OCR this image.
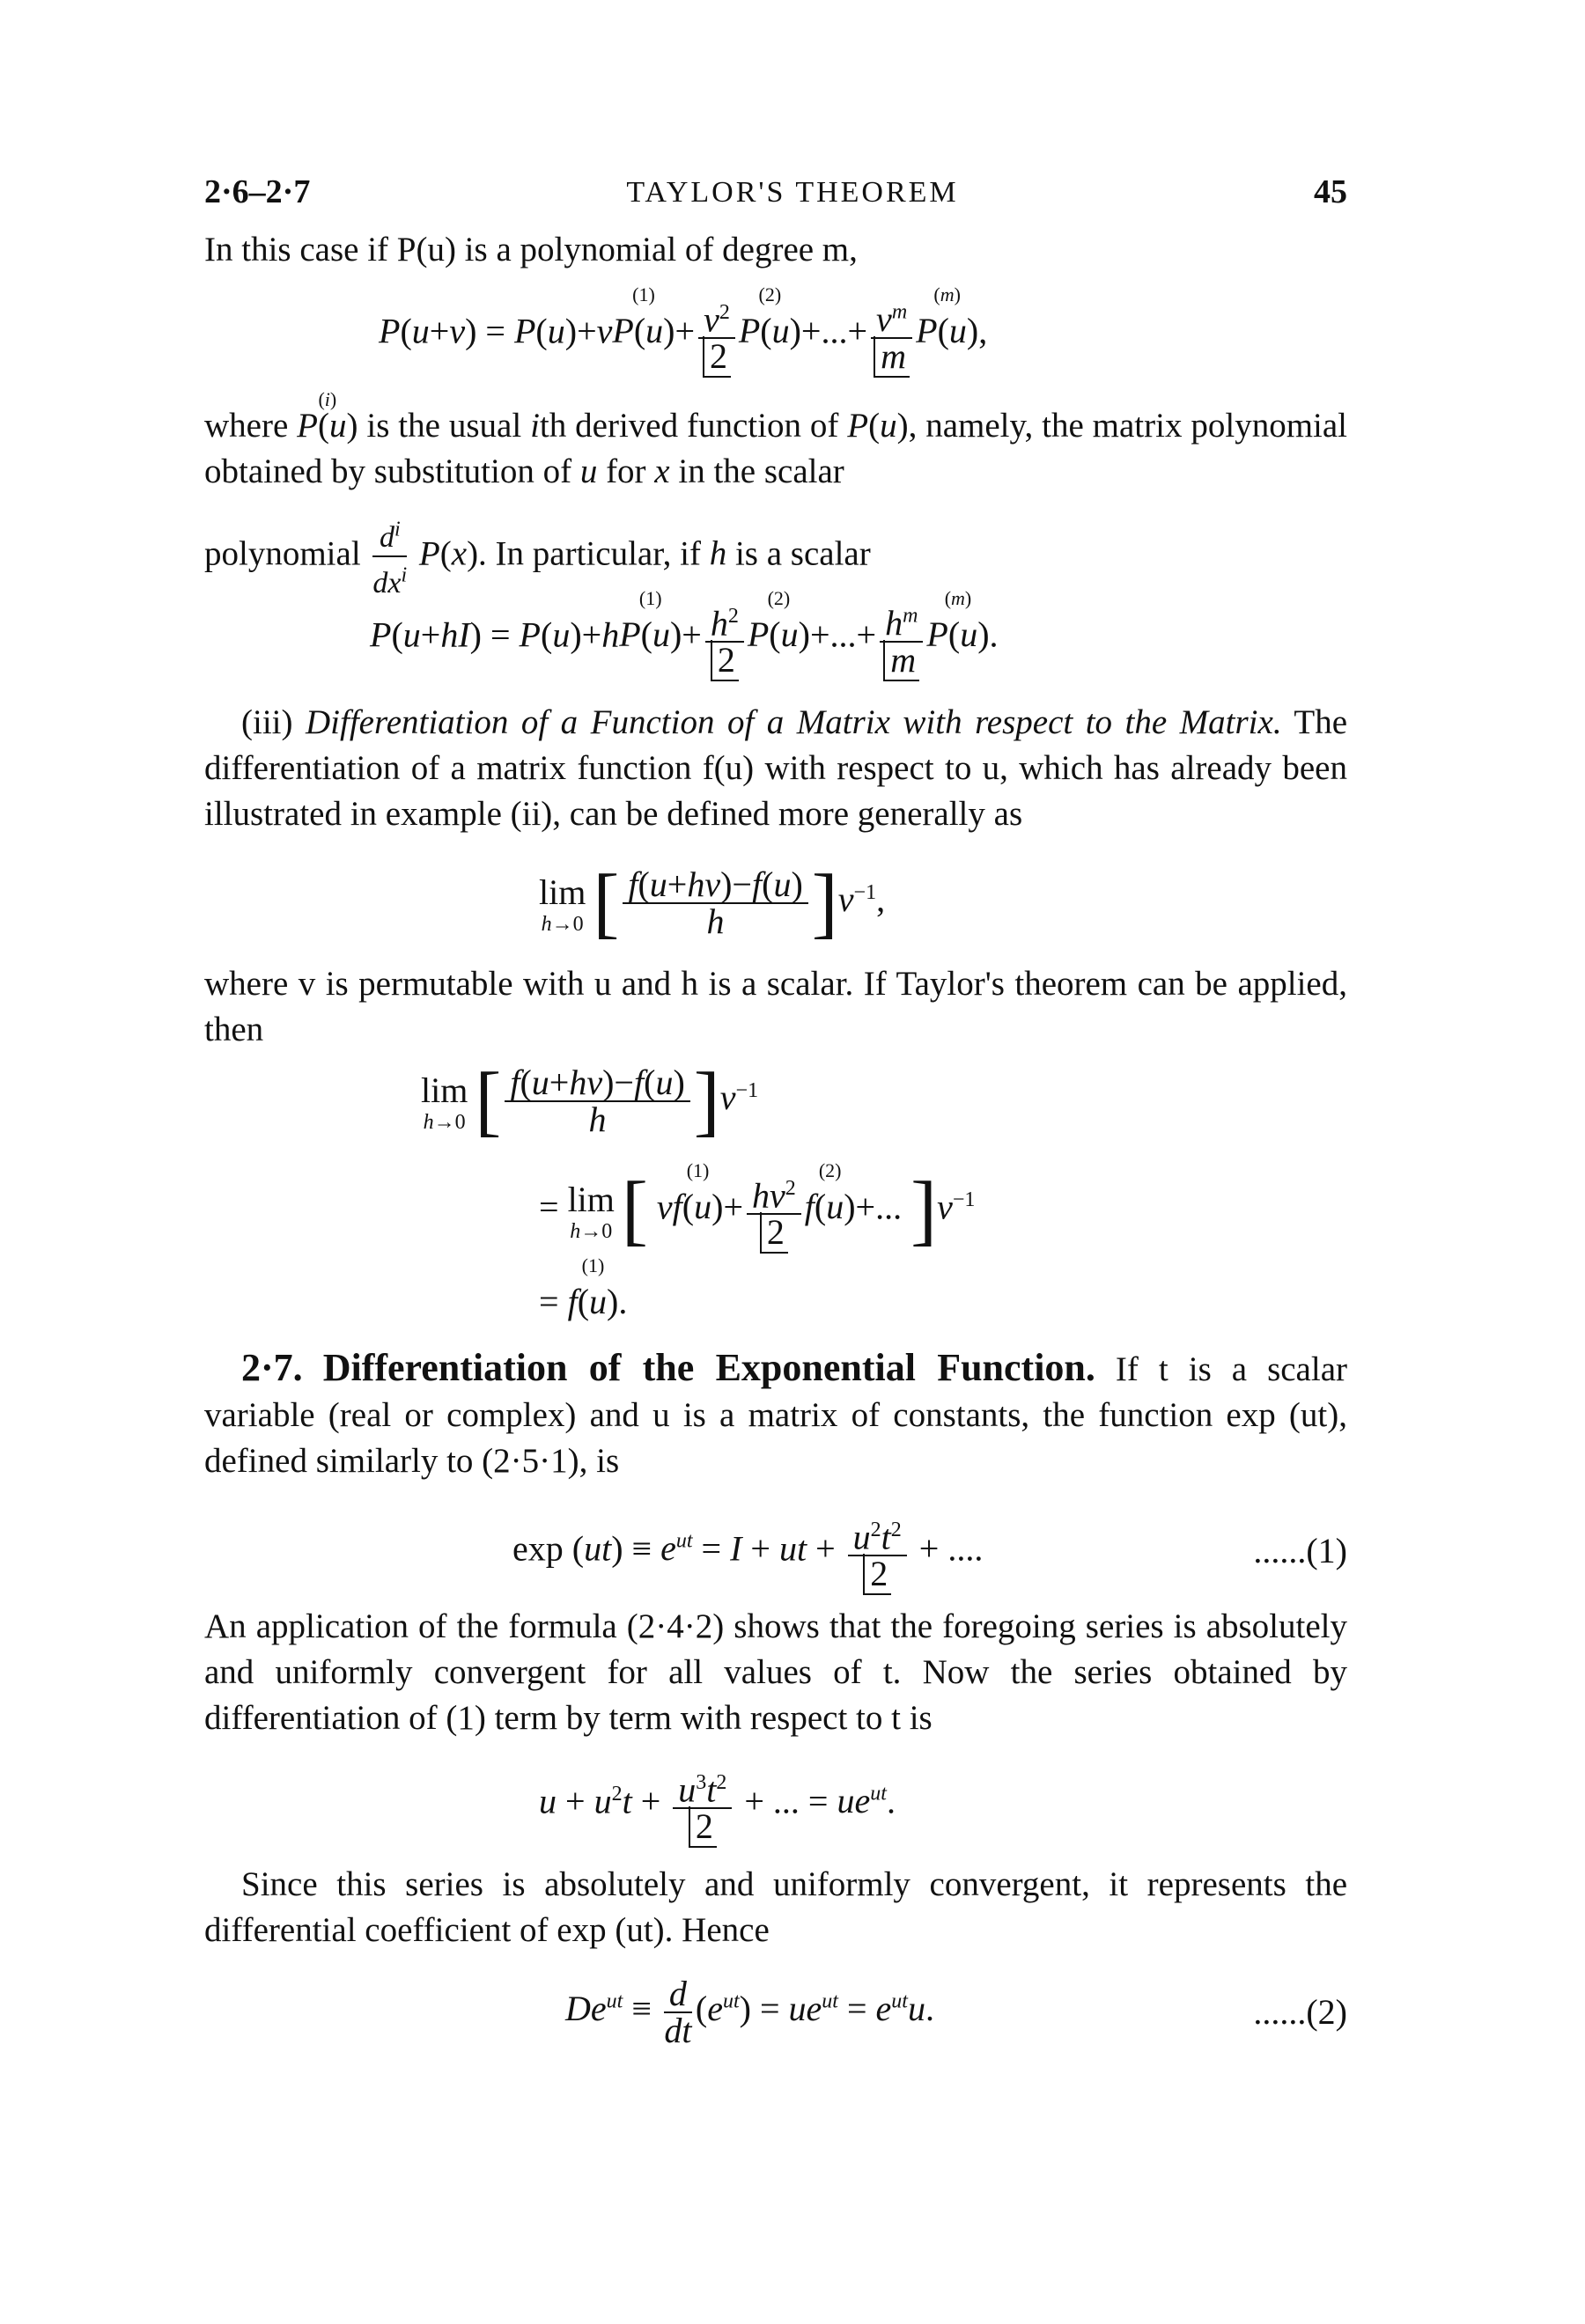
2·6–2·7	TAYLOR'S THEOREM	45
In this case if P(u) is a polynomial of degree m,
P(u+v) = P(u)+v
(1)
$P(u)+ \frac{v^2}{2}$
(2)
$P(u)+...+ \frac{v^m}{m}$
(m)
P(u),
where
(i)
P(u) is the usual ith derived function of P(u), namely, the matrix polynomial obtained by substitution of u for x in the scalar
polynomial $\frac{d^i}{dx^i} P(x)$. In particular, if h is a scalar
P(u+hI) = P(u)+h
(1)
$P(u)+ \frac{h^2}{2}$
(2)
$P(u)+...+ \frac{h^m}{m}$
(m)
P(u).
(iii) Differentiation of a Function of a Matrix with respect to the Matrix. The differentiation of a matrix function f(u) with respect to u, which has already been illustrated in example (ii), can be defined more generally as
lim
h→0 [ $\frac{f(u+hv)-f(u)}{h} ]v^{-1}$,
where v is permutable with u and h is a scalar. If Taylor's theorem can be applied, then
lim
h→0 [ $\frac{f(u+hv)-f(u)}{h} ]v^{-1}$
= lim
h→0 [ v
(1)
$f(u)+ \frac{hv^2}{2}$
(2)
f(u)+... ]$v^{-1}$
=
(1)
f(u).
2·7. Differentiation of the Exponential Function. If t is a scalar variable (real or complex) and u is a matrix of constants, the function exp (ut), defined similarly to (2·5·1), is
$\exp (ut) \equiv e^{ut} = I$ + ut + $\frac{u^2t^2}{2}$ + ....	......(1)
An application of the formula (2·4·2) shows that the foregoing series is absolutely and uniformly convergent for all values of t. Now the series obtained by differentiation of (1) term by term with respect to t is
$u + u^2t + \frac{u^3t^2}{2}$ + ... = $ue^{ut}$.
Since this series is absolutely and uniformly convergent, it represents the differential coefficient of exp (ut). Hence
$De^{ut} \equiv \frac{d}{dt} (e^{ut}) = ue^{ut} = e^{ut}u$.	......(2)
